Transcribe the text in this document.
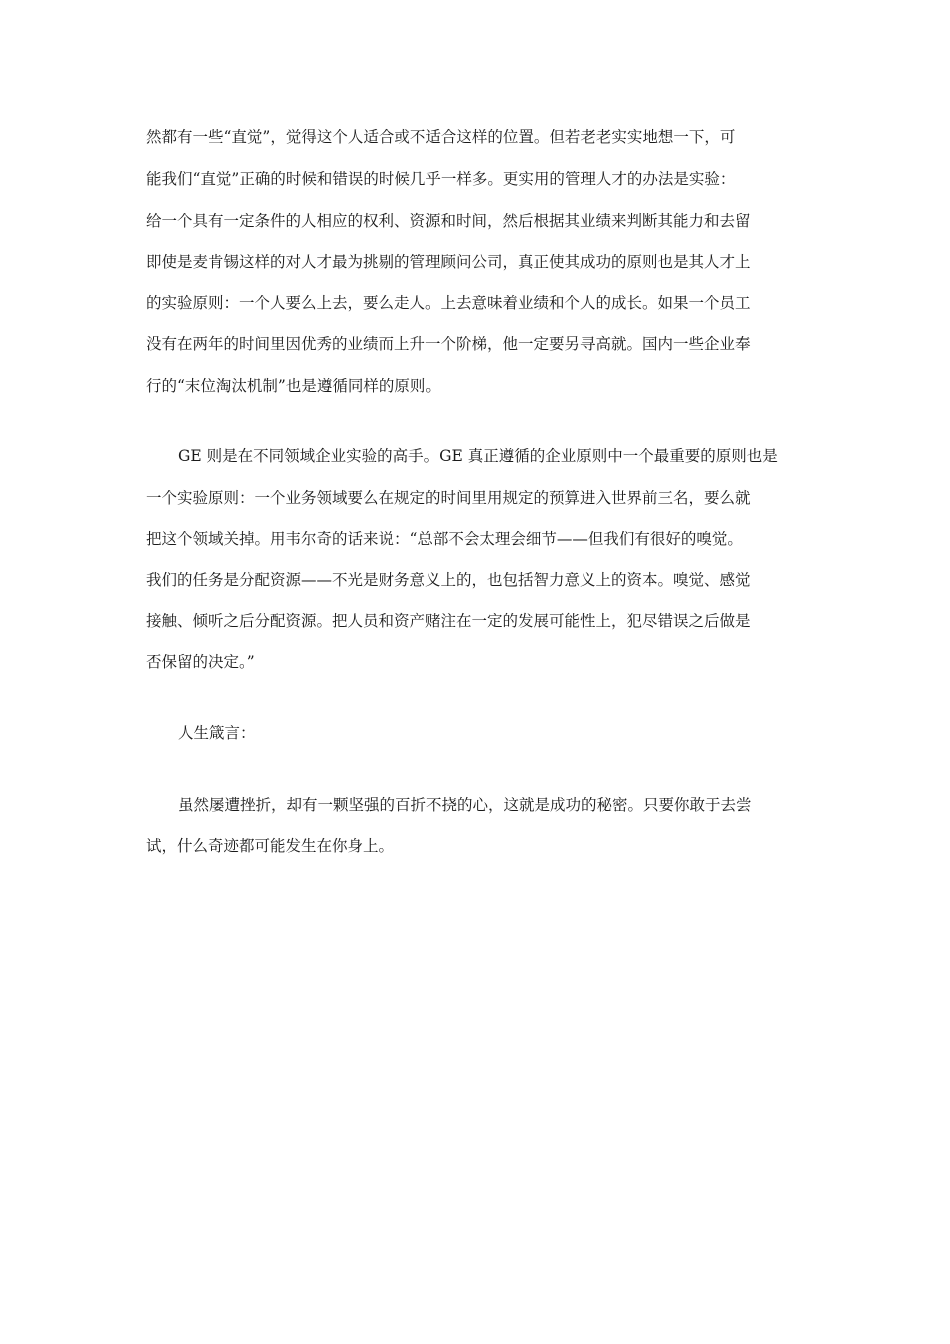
然都有一些“直觉”，觉得这个人适合或不适合这样的位置。但若老老实实地想一下，可

能我们“直觉”正确的时候和错误的时候几乎一样多。更实用的管理人才的办法是实验：

给一个具有一定条件的人相应的权利、资源和时间，然后根据其业绩来判断其能力和去留

即使是麦肯锡这样的对人才最为挑剔的管理顾问公司，真正使其成功的原则也是其人才上

的实验原则：一个人要么上去，要么走人。上去意味着业绩和个人的成长。如果一个员工

没有在两年的时间里因优秀的业绩而上升一个阶梯，他一定要另寻高就。国内一些企业奉

行的“末位淘汰机制”也是遵循同样的原则。

GE 则是在不同领域企业实验的高手。GE 真正遵循的企业原则中一个最重要的原则也是

一个实验原则：一个业务领域要么在规定的时间里用规定的预算进入世界前三名，要么就

把这个领域关掉。用韦尔奇的话来说：“总部不会太理会细节——但我们有很好的嗅觉。

我们的任务是分配资源——不光是财务意义上的，也包括智力意义上的资本。嗅觉、感觉

接触、倾听之后分配资源。把人员和资产赌注在一定的发展可能性上，犯尽错误之后做是

否保留的决定。”

人生箴言：

虽然屡遭挫折，却有一颗坚强的百折不挠的心，这就是成功的秘密。只要你敢于去尝

试，什么奇迹都可能发生在你身上。
